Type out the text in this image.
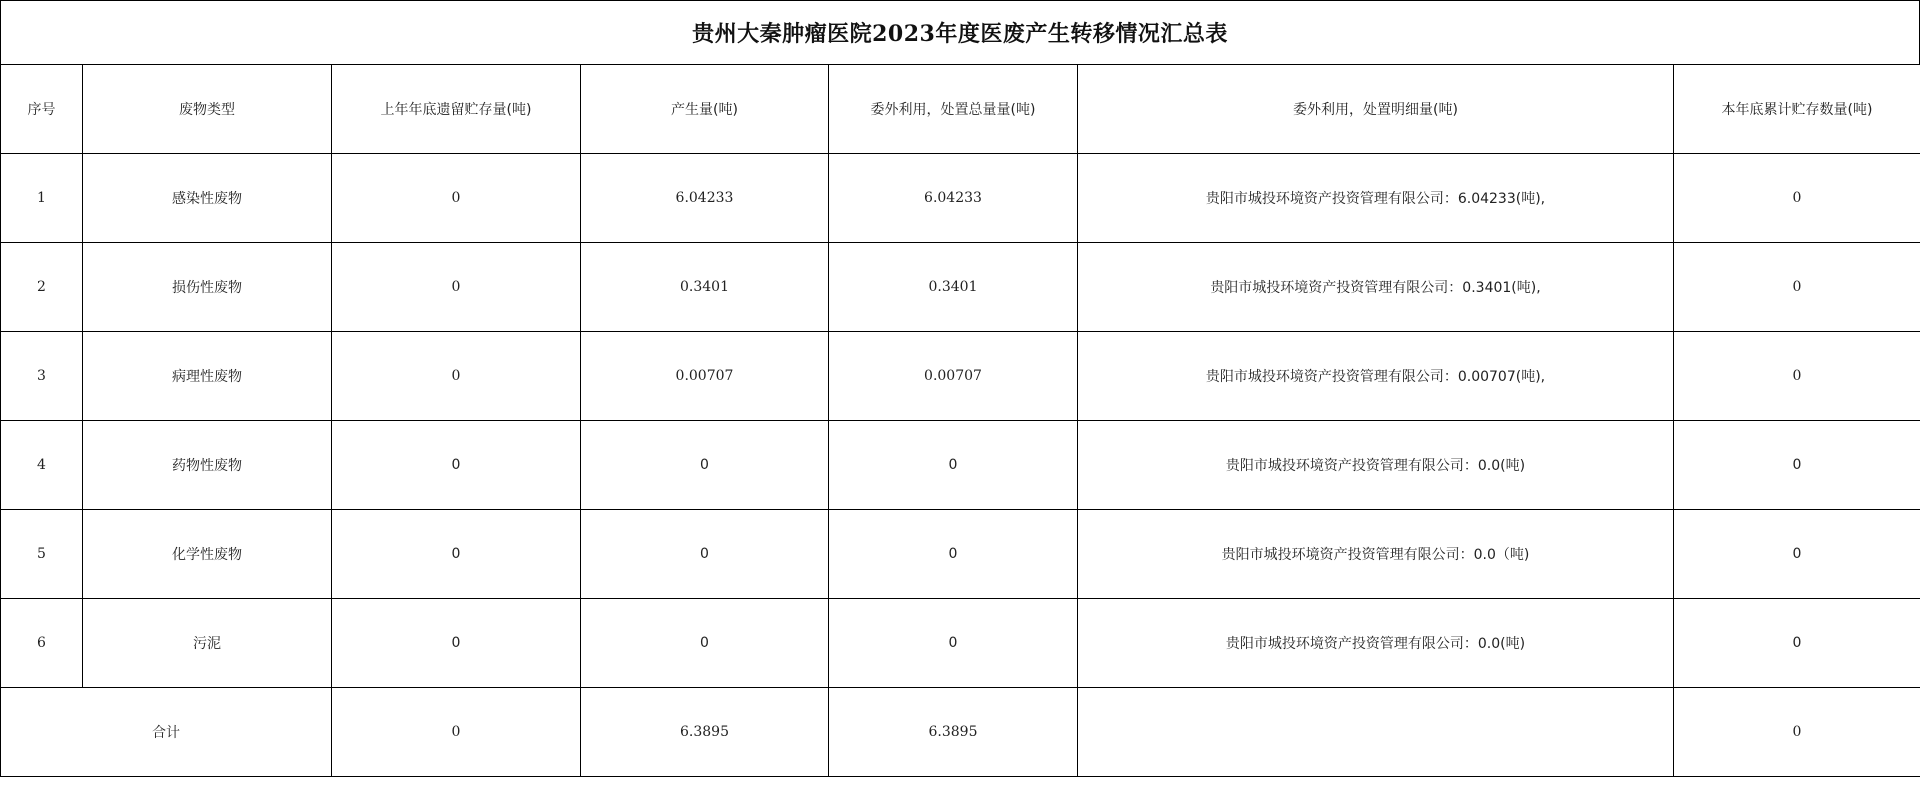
贵州大秦肿瘤医院2023年度医废产生转移情况汇总表
序号	废物类型	上年年底遗留贮存量(吨)	产生量(吨)	委外利用，处置总量量(吨)	委外利用，处置明细量(吨)	本年底累计贮存数量(吨)
1	感染性废物	0	6.04233	6.04233	贵阳市城投环境资产投资管理有限公司：6.04233(吨),	0
2	损伤性废物	0	0.3401	0.3401	贵阳市城投环境资产投资管理有限公司：0.3401(吨),	0
3	病理性废物	0	0.00707	0.00707	贵阳市城投环境资产投资管理有限公司：0.00707(吨),	0
4	药物性废物	0	0	0	贵阳市城投环境资产投资管理有限公司：0.0(吨)	0
5	化学性废物	0	0	0	贵阳市城投环境资产投资管理有限公司：0.0（吨)	0
6	污泥	0	0	0	贵阳市城投环境资产投资管理有限公司：0.0(吨)	0
合计		0	6.3895	6.3895		0
